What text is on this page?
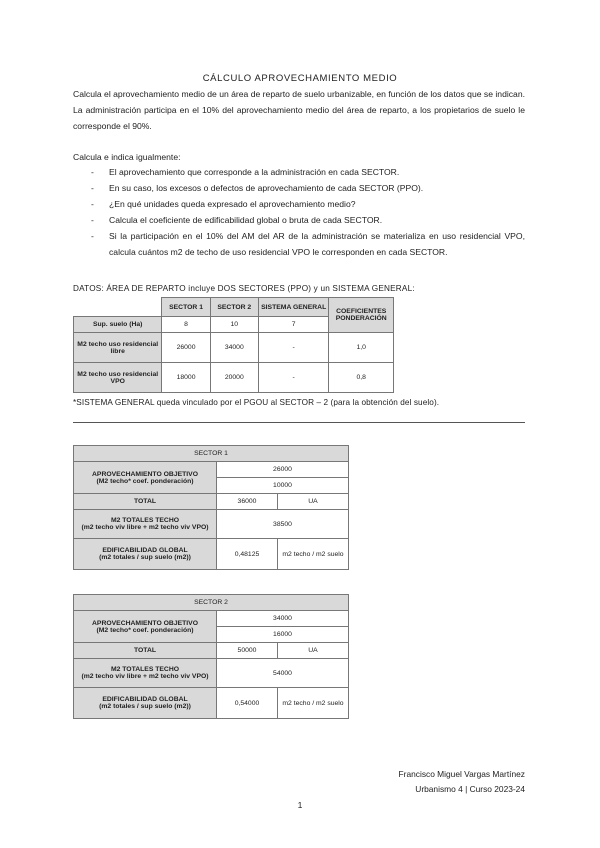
CÁLCULO APROVECHAMIENTO MEDIO
Calcula el aprovechamiento medio de un área de reparto de suelo urbanizable, en función de los datos que se indican. La administración participa en el 10% del aprovechamiento medio del área de reparto, a los propietarios de suelo le corresponde el 90%.
Calcula e indica igualmente:
- El aprovechamiento que corresponde a la administración en cada SECTOR.
- En su caso, los excesos o defectos de aprovechamiento de cada SECTOR (PPO).
- ¿En qué unidades queda expresado el aprovechamiento medio?
- Calcula el coeficiente de edificabilidad global o bruta de cada SECTOR.
- Si la participación en el 10% del AM del AR de la administración se materializa en uso residencial VPO, calcula cuántos m2 de techo de uso residencial VPO le corresponden en cada SECTOR.
DATOS: ÁREA DE REPARTO incluye DOS SECTORES (PPO) y un SISTEMA GENERAL:
	SECTOR 1	SECTOR 2	SISTEMA GENERAL	COEFICIENTES PONDERACIÓN
Sup. suelo (Ha)	8	10	7	
M2 techo uso residencial libre	26000	34000	-	1,0
M2 techo uso residencial VPO	18000	20000	-	0,8
*SISTEMA GENERAL queda vinculado por el PGOU al SECTOR – 2 (para la obtención del suelo).
SECTOR 1		

APROVECHAMIENTO OBJETIVO
(M2 techo* coef. ponderación)	26000	
	10000	
TOTAL	36000	UA

M2 TOTALES TECHO
(m2 techo viv libre + m2 techo viv VPO)	38500	

EDIFICABILIDAD GLOBAL
(m2 totales / sup suelo (m2))	0,48125	m2 techo / m2 suelo
SECTOR 2		

APROVECHAMIENTO OBJETIVO
(M2 techo* coef. ponderación)	34000	
	16000	
TOTAL	50000	UA

M2 TOTALES TECHO
(m2 techo viv libre + m2 techo viv VPO)	54000	

EDIFICABILIDAD GLOBAL
(m2 totales / sup suelo (m2))	0,54000	m2 techo / m2 suelo
Francisco Miguel Vargas Martínez
Urbanismo 4 | Curso 2023-24
1
